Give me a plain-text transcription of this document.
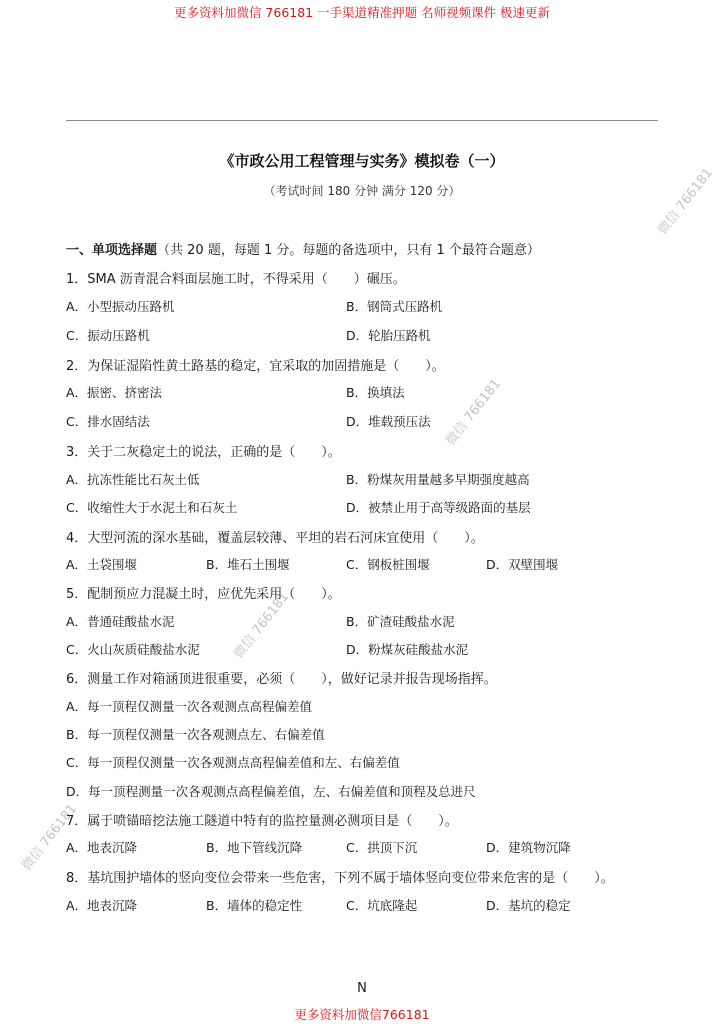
更多资料加微信 766181 一手渠道精准押题 名师视频课件 极速更新
《市政公用工程管理与实务》模拟卷（一）
（考试时间 180 分钟 满分 120 分）
一、单项选择题（共 20 题，每题 1 分。每题的备选项中，只有 1 个最符合题意）
1．SMA 沥青混合料面层施工时，不得采用（　　）碾压。
A．小型振动压路机	B．钢筒式压路机
C．振动压路机	D．轮胎压路机
2．为保证湿陷性黄土路基的稳定，宜采取的加固措施是（　　）。
A．振密、挤密法	B．换填法
C．排水固结法	D．堆载预压法
3．关于二灰稳定土的说法，正确的是（　　）。
A．抗冻性能比石灰土低	B．粉煤灰用量越多早期强度越高
C．收缩性大于水泥土和石灰土	D．被禁止用于高等级路面的基层
4．大型河流的深水基础，覆盖层较薄、平坦的岩石河床宜使用（　　）。
A．土袋围堰	B．堆石土围堰	C．钢板桩围堰	D．双壁围堰
5．配制预应力混凝土时，应优先采用（　　）。
A．普通硅酸盐水泥	B．矿渣硅酸盐水泥
C．火山灰质硅酸盐水泥	D．粉煤灰硅酸盐水泥
6．测量工作对箱涵顶进很重要，必须（　　），做好记录并报告现场指挥。
A．每一顶程仅测量一次各观测点高程偏差值
B．每一顶程仅测量一次各观测点左、右偏差值
C．每一顶程仅测量一次各观测点高程偏差值和左、右偏差值
D．每一顶程测量一次各观测点高程偏差值，左、右偏差值和顶程及总进尺
7．属于喷锚暗挖法施工隧道中特有的监控量测必测项目是（　　）。
A．地表沉降	B．地下管线沉降	C．拱顶下沉	D．建筑物沉降
8．基坑围护墙体的竖向变位会带来一些危害，下列不属于墙体竖向变位带来危害的是（　　）。
A．地表沉降	B．墙体的稳定性	C．坑底隆起	D．基坑的稳定
微信 766181
微信 766181
微信 766181
微信 766181
N
更多资料加微信766181
